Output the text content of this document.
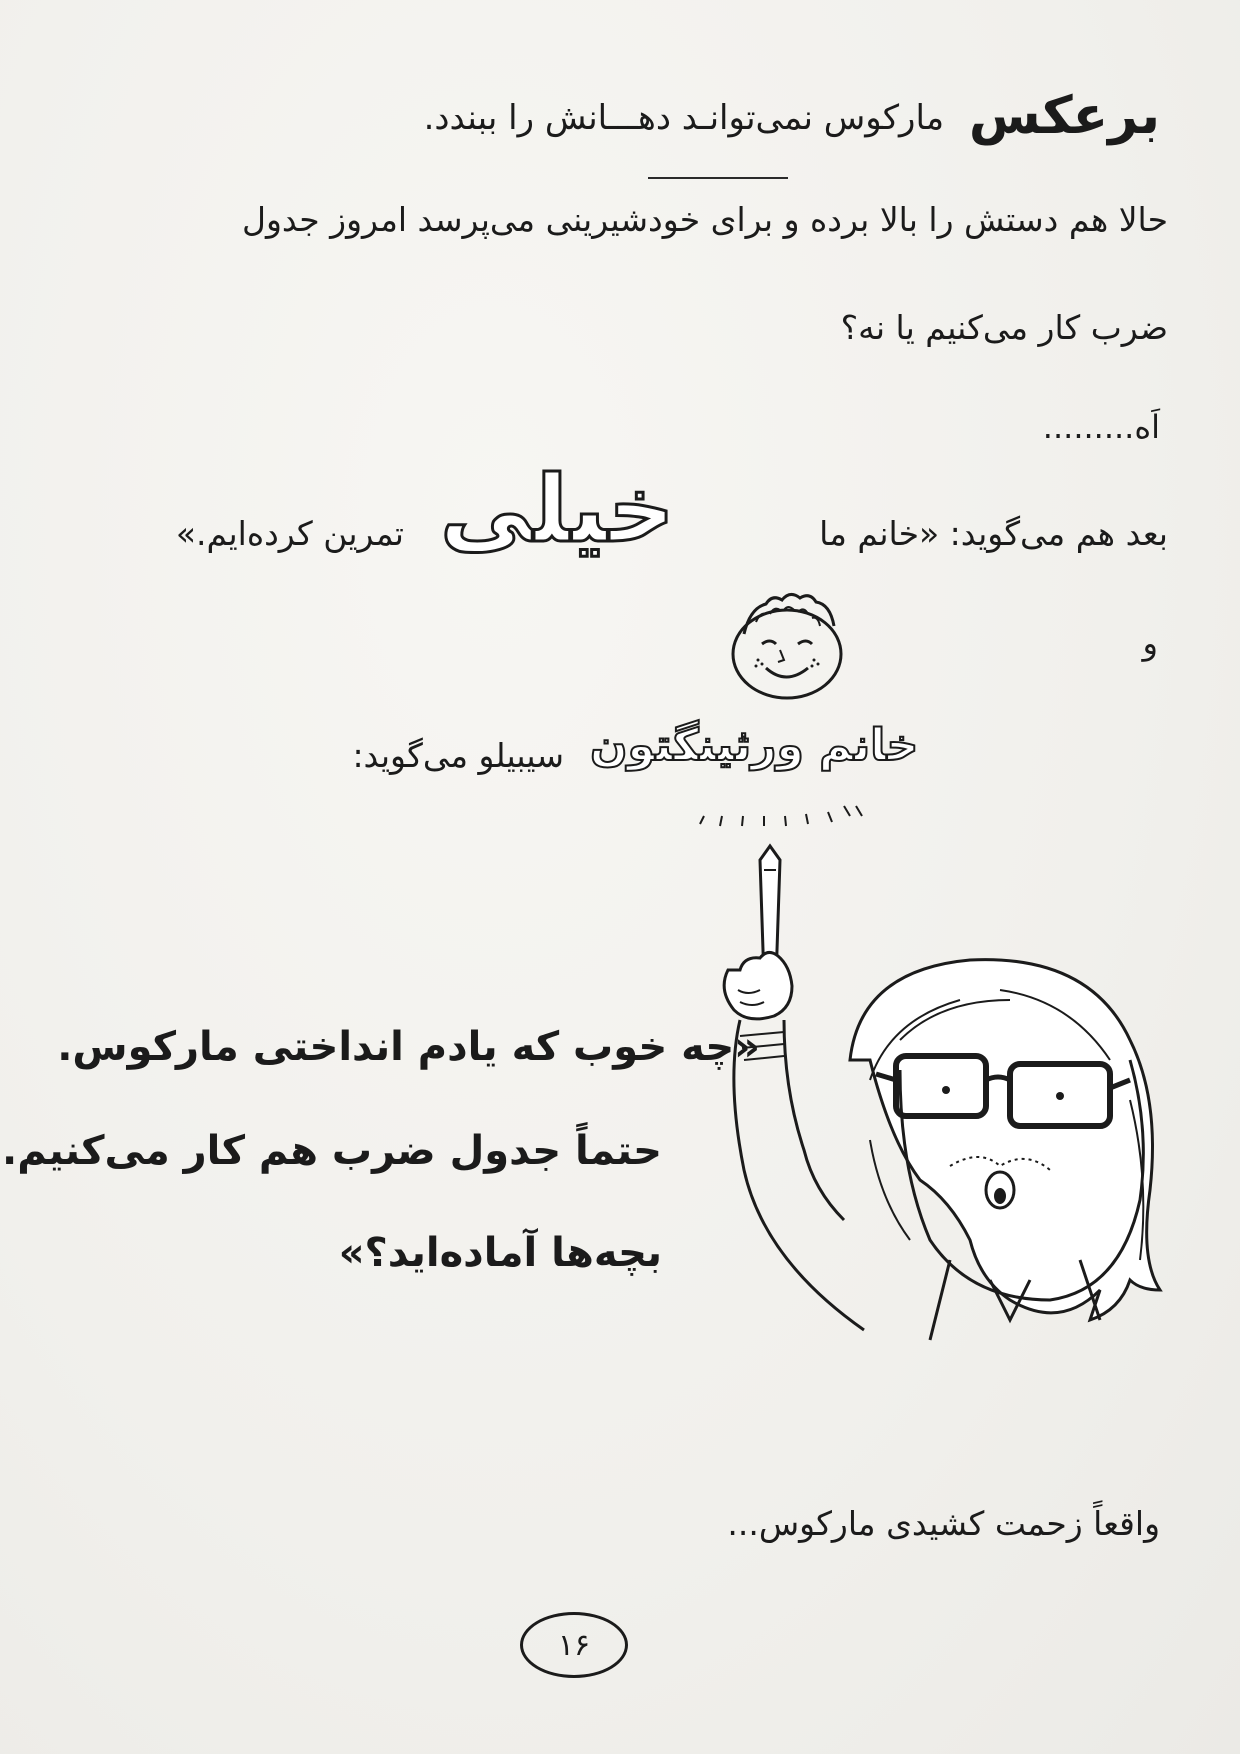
برعکس مارکوس نمی‌توانـد دهـــانش را ببندد.
حالا هم دستش را بالا برده و برای خودشیرینی می‌پرسد امروز جدول
ضرب کار می‌کنیم یا نه؟
اَه.........
بعد هم می‌گوید: «خانم ما
خیلی
تمرین کرده‌ایم.»
و
خانم ورثینگتون
سیبیلو می‌گوید:
«چه خوب که یادم انداختی مارکوس.
حتماً جدول ضرب هم کار می‌کنیم.
بچه‌ها آماده‌اید؟»
واقعاً زحمت کشیدی مارکوس...
۱۶
